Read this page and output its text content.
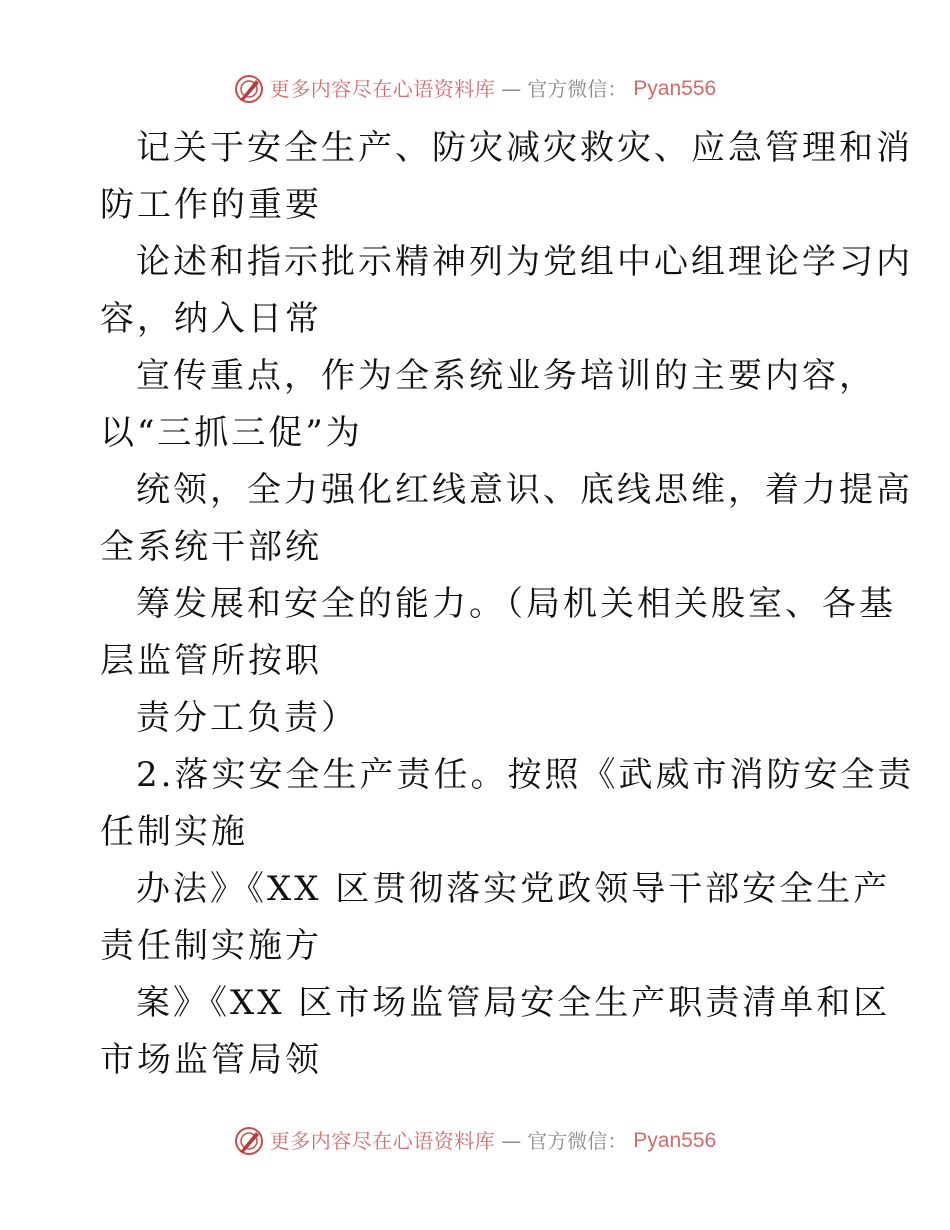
更多内容尽在心语资料库 — 官方微信： Pyan556

记关于安全生产、防灾减灾救灾、应急管理和消
防工作的重要

论述和指示批示精神列为党组中心组理论学习内
容，纳入日常

宣传重点，作为全系统业务培训的主要内容，
以“三抓三促”为

统领，全力强化红线意识、底线思维，着力提高
全系统干部统

筹发展和安全的能力。（局机关相关股室、各基
层监管所按职

责分工负责）

2.落实安全生产责任。按照《武威市消防安全责
任制实施

办法》《XX 区贯彻落实党政领导干部安全生产
责任制实施方

案》《XX 区市场监管局安全生产职责清单和区
市场监管局领

更多内容尽在心语资料库 — 官方微信： Pyan556
